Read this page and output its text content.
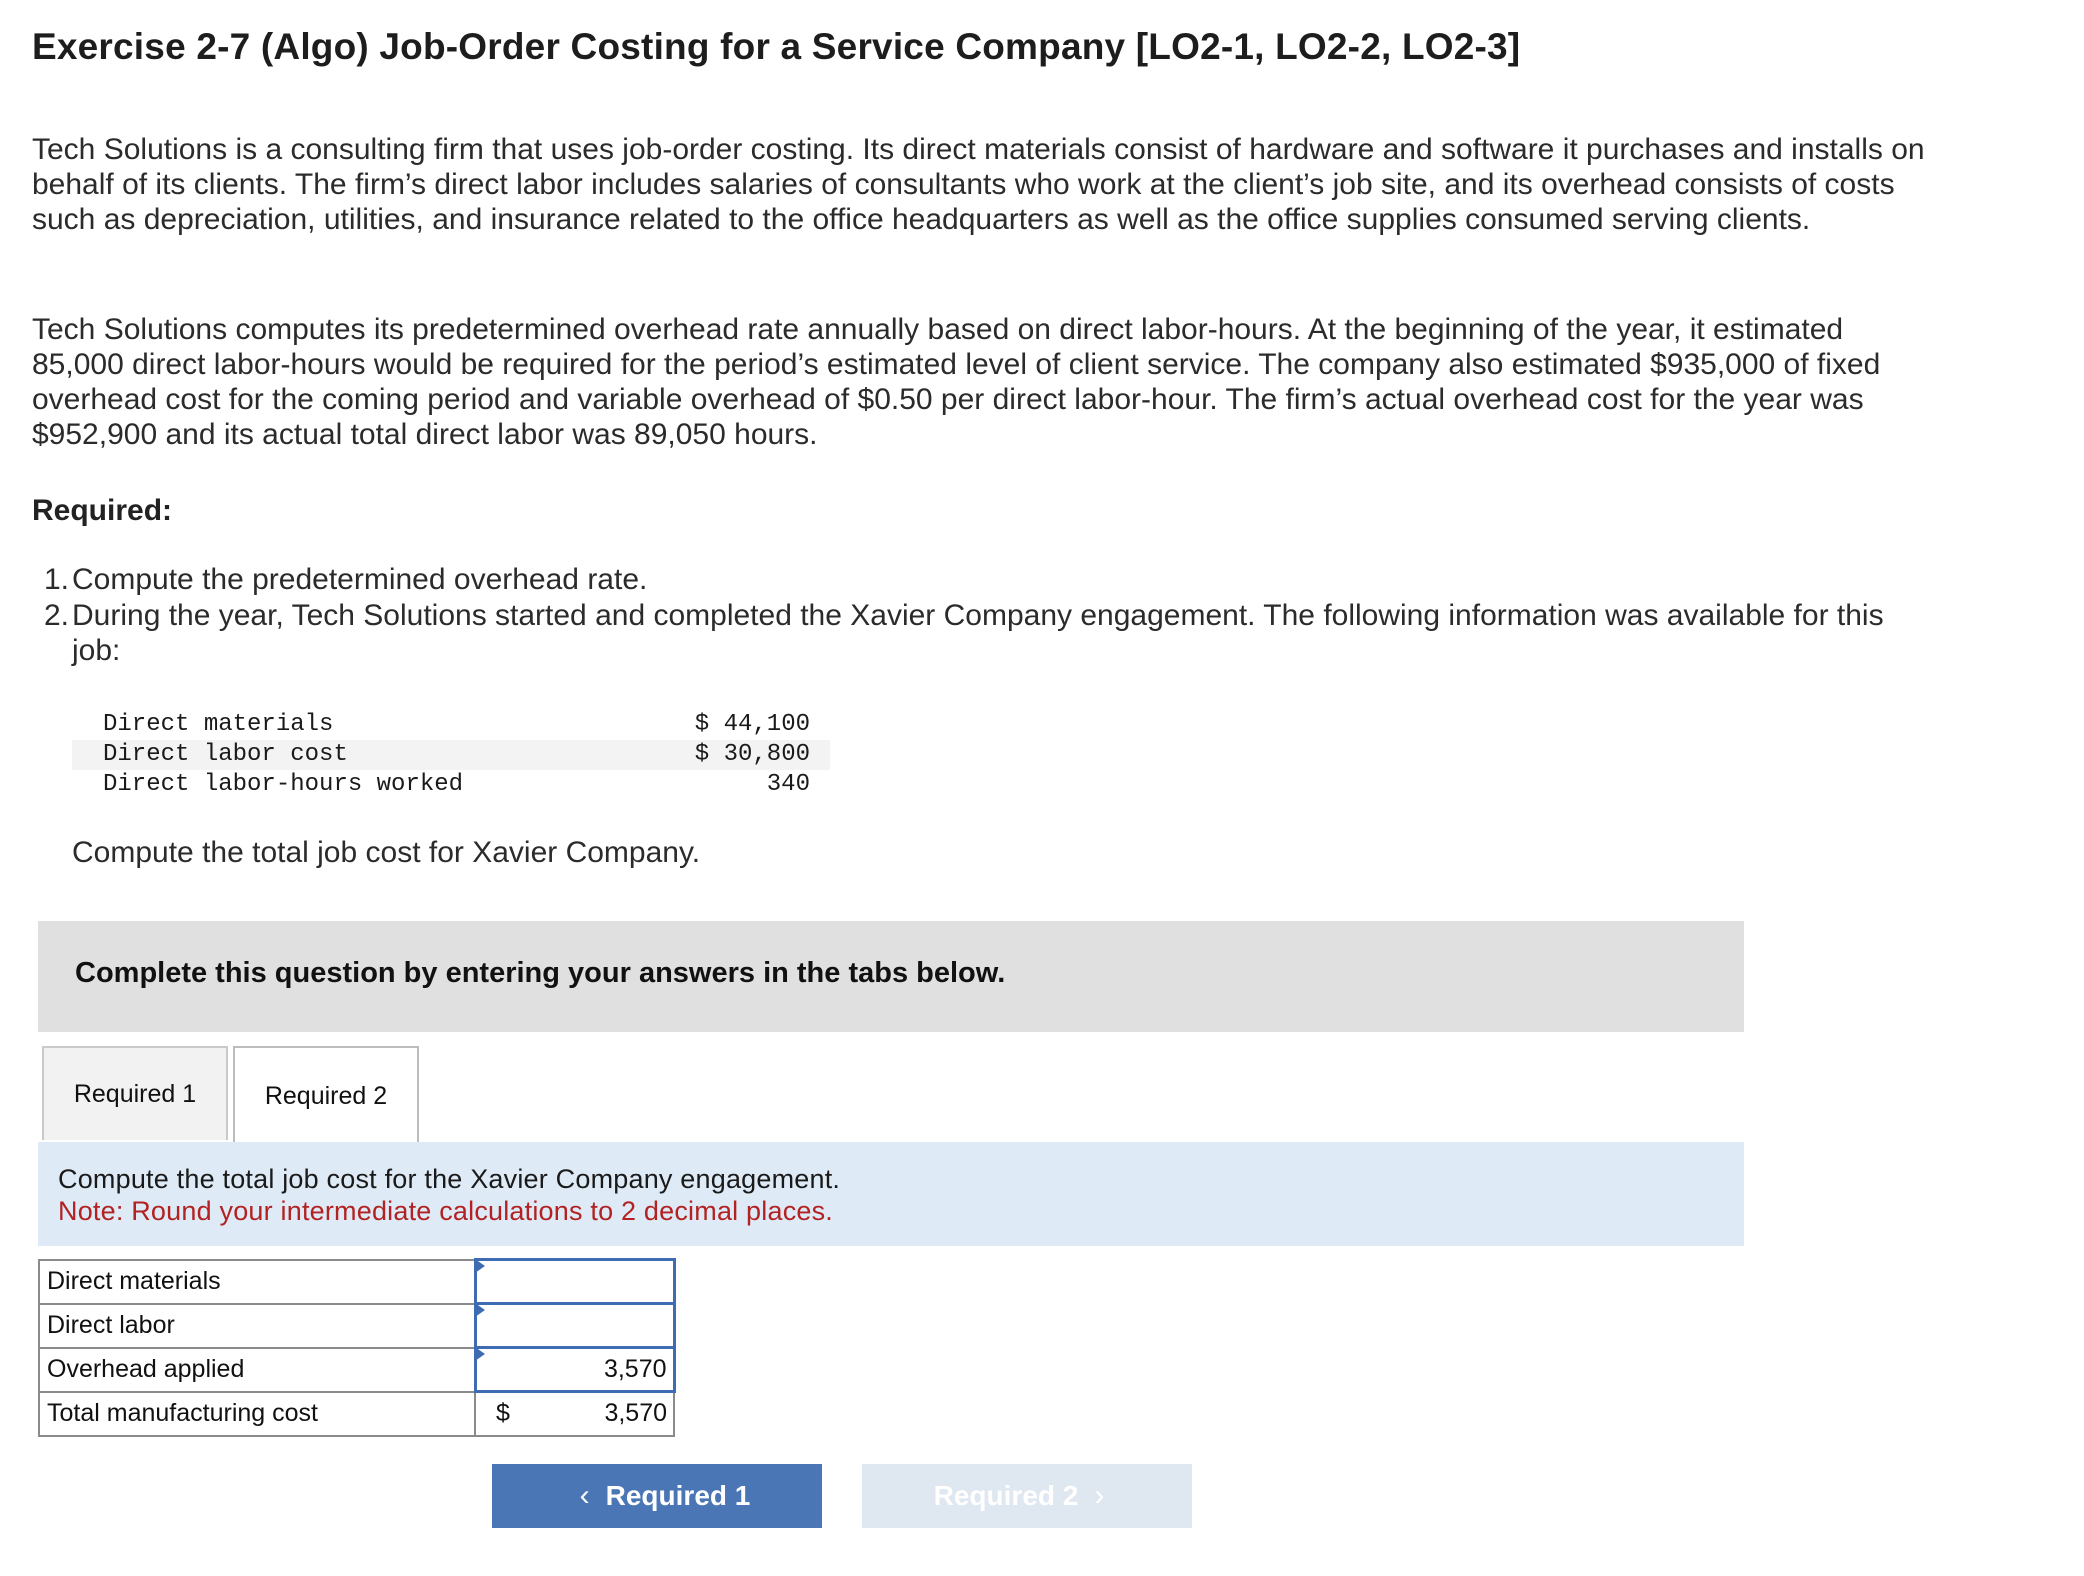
Exercise 2-7 (Algo) Job-Order Costing for a Service Company [LO2-1, LO2-2, LO2-3]
Tech Solutions is a consulting firm that uses job-order costing. Its direct materials consist of hardware and software it purchases and installs on behalf of its clients. The firm’s direct labor includes salaries of consultants who work at the client’s job site, and its overhead consists of costs such as depreciation, utilities, and insurance related to the office headquarters as well as the office supplies consumed serving clients.
Tech Solutions computes its predetermined overhead rate annually based on direct labor-hours. At the beginning of the year, it estimated 85,000 direct labor-hours would be required for the period’s estimated level of client service. The company also estimated $935,000 of fixed overhead cost for the coming period and variable overhead of $0.50 per direct labor-hour. The firm’s actual overhead cost for the year was $952,900 and its actual total direct labor was 89,050 hours.
Required:
1. Compute the predetermined overhead rate.
2. During the year, Tech Solutions started and completed the Xavier Company engagement. The following information was available for this job:
Direct materials	$ 44,100
Direct labor cost	$ 30,800
Direct labor-hours worked	340
Compute the total job cost for Xavier Company.
Complete this question by entering your answers in the tabs below.
Required 1	Required 2
Compute the total job cost for the Xavier Company engagement.
Note: Round your intermediate calculations to 2 decimal places.
Direct materials	

Direct labor	

Overhead applied	3,570

Total manufacturing cost	$ 3,570
‹ Required 1	Required 2 ›
